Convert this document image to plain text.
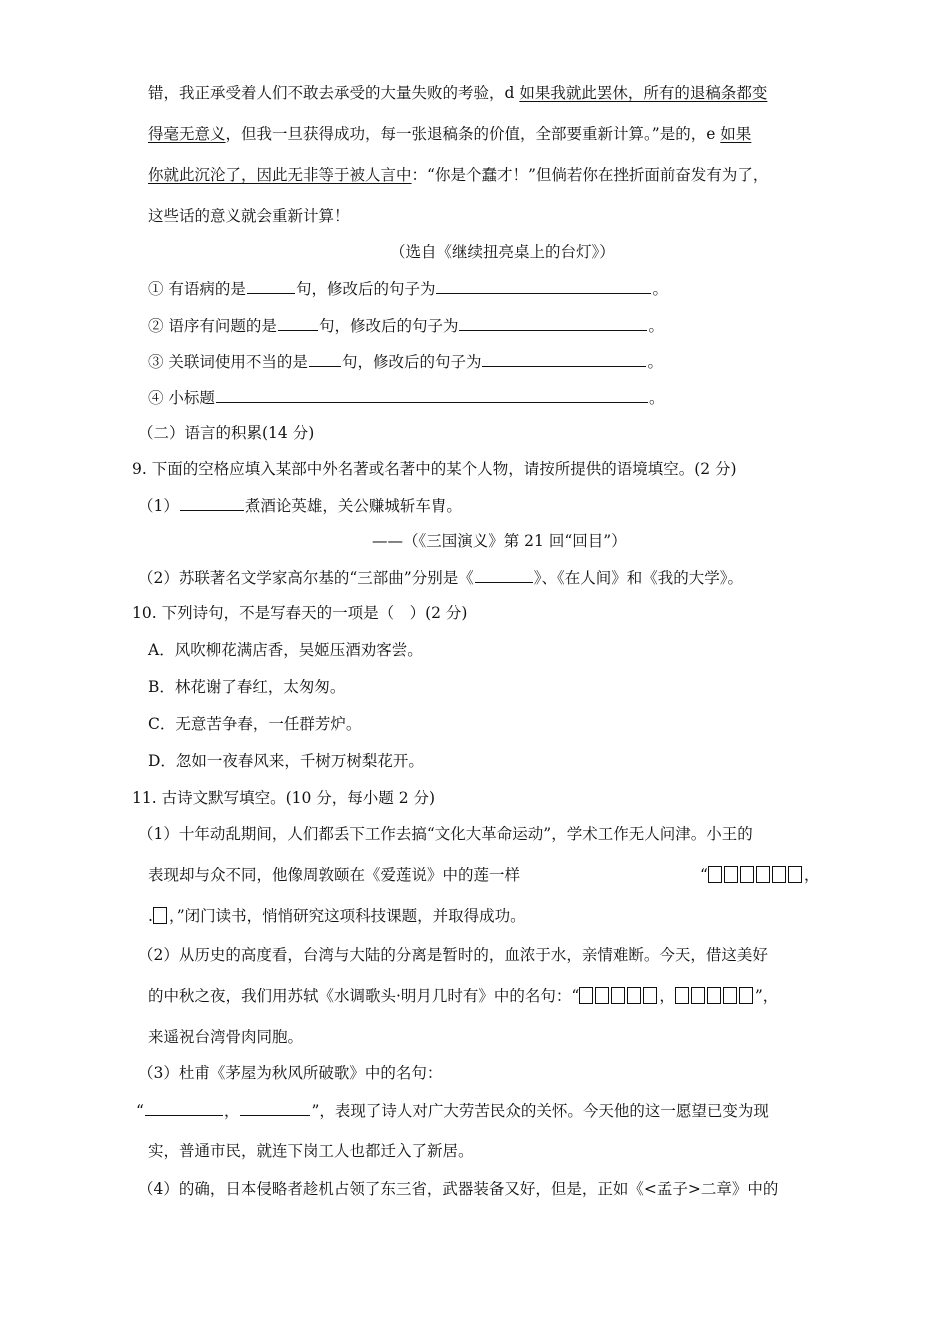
错，我正承受着人们不敢去承受的大量失败的考验，d 如果我就此罢休，所有的退稿条都变
得毫无意义，但我一旦获得成功，每一张退稿条的价值，全部要重新计算。”是的，e 如果
你就此沉沦了，因此无非等于被人言中：“你是个蠢才！”但倘若你在挫折面前奋发有为了，
这些话的意义就会重新计算！
（选自《继续扭亮桌上的台灯》）
① 有语病的是	句，修改后的句子为	。
② 语序有问题的是	句，修改后的句子为	。
③ 关联词使用不当的是 句，修改后的句子为	。
④ 小标题	。
（二）语言的积累(14 分)
9. 下面的空格应填入某部中外名著或名著中的某个人物，请按所提供的语境填空。(2 分)
（1）	煮酒论英雄，关公赚城斩车胄。
——（《三国演义》第 21 回“回目”）
（2）苏联著名文学家高尔基的“三部曲”分别是《	》、《在人间》和《我的大学》。
10. 下列诗句，不是写春天的一项是（　）(2 分)
A．风吹柳花满店香，吴姬压酒劝客尝。
B．林花谢了春红，太匆匆。
C．无意苦争春，一任群芳炉。
D．忽如一夜春风来，千树万树梨花开。
11. 古诗文默写填空。(10 分，每小题 2 分)
（1）十年动乱期间，人们都丢下工作去搞“文化大革命运动”，学术工作无人问津。小王的
表现却与众不同，他像周敦颐在《爱莲说》中的莲一样	“	，
. ，”闭门读书，悄悄研究这项科技课题，并取得成功。
（2）从历史的高度看，台湾与大陆的分离是暂时的，血浓于水，亲情难断。今天，借这美好
的中秋之夜，我们用苏轼《水调歌头·明月几时有》中的名句：“	，	”，
来遥祝台湾骨肉同胞。
（3）杜甫《茅屋为秋风所破歌》中的名句：
“	，	”，表现了诗人对广大劳苦民众的关怀。今天他的这一愿望已变为现
实，普通市民，就连下岗工人也都迁入了新居。
（4）的确，日本侵略者趁机占领了东三省，武器装备又好，但是，正如《<孟子>二章》中的
